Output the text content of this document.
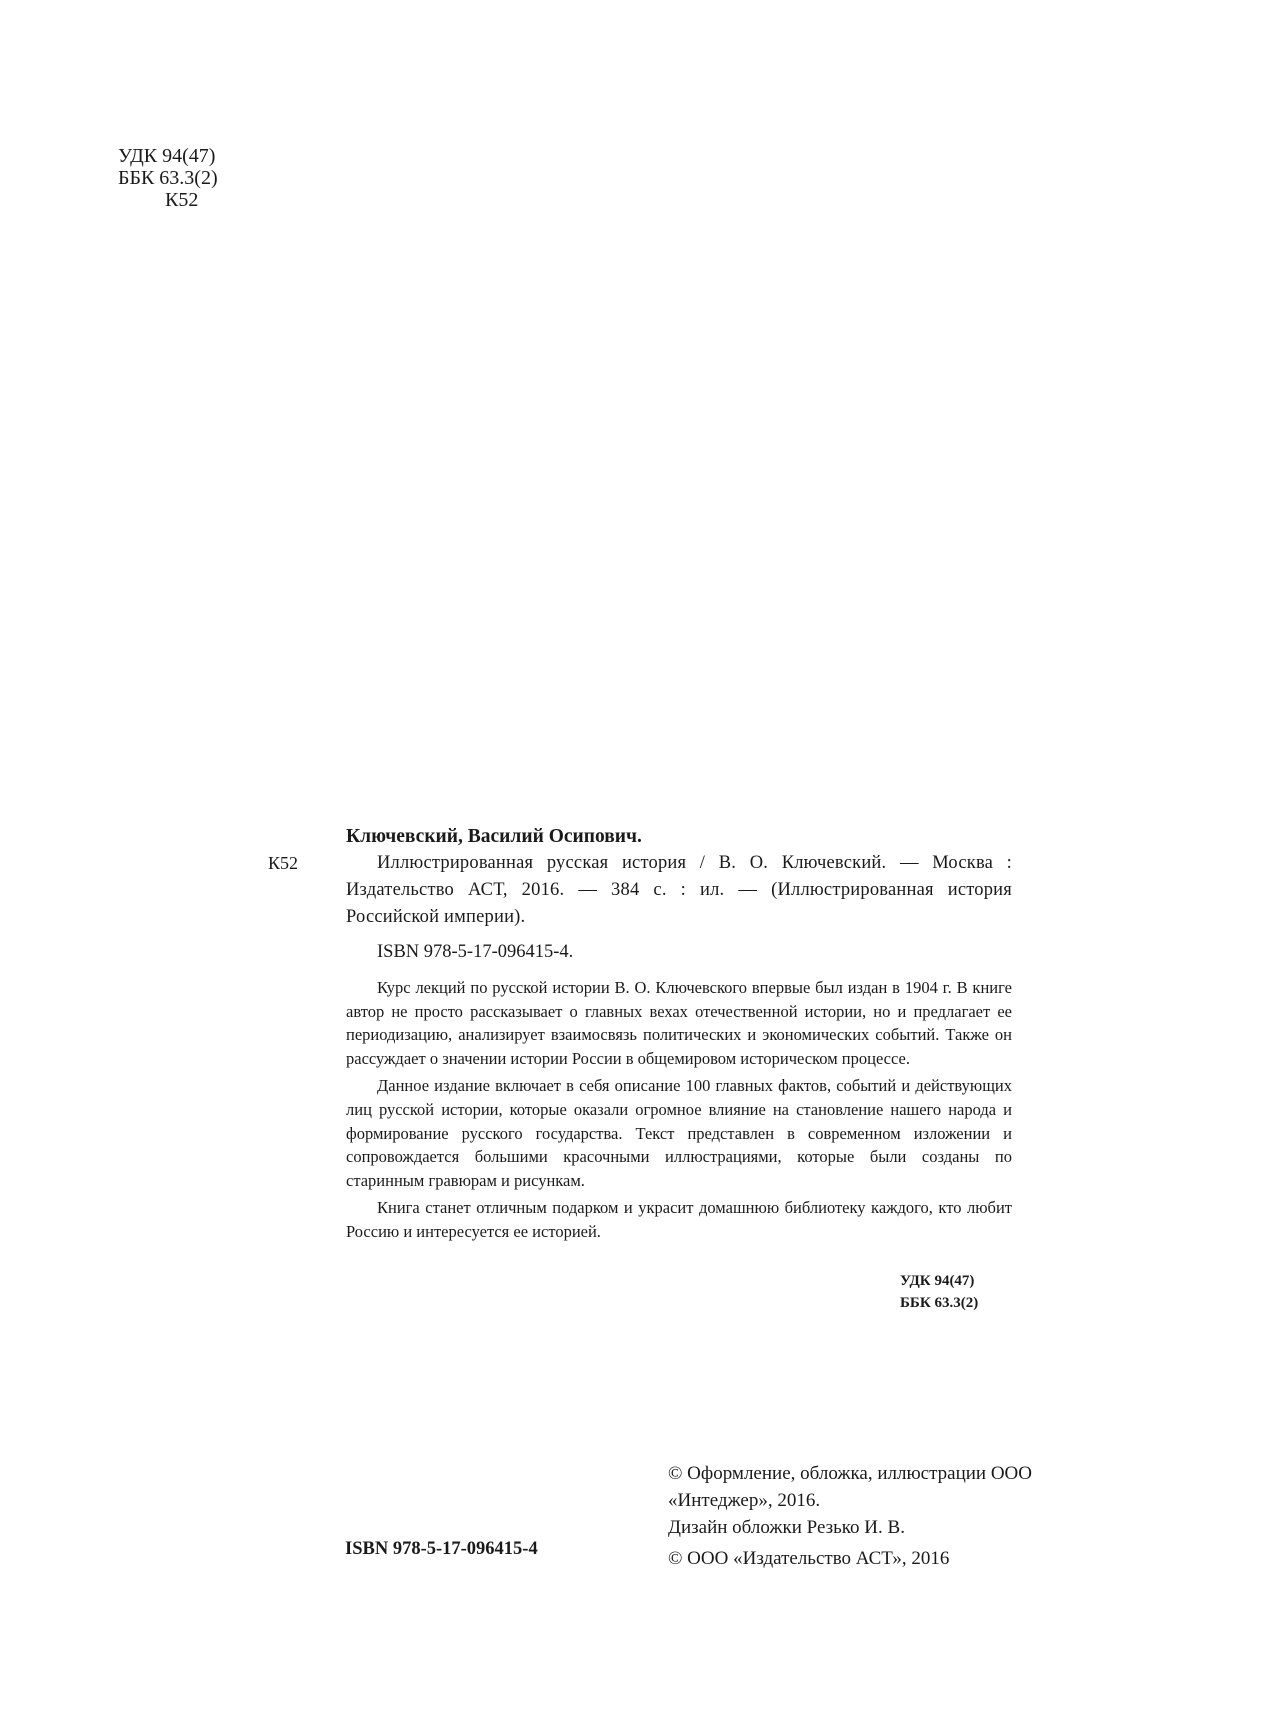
УДК 94(47)
ББК 63.3(2)
К52
К52
Ключевский, Василий Осипович.

Иллюстрированная русская история / В. О. Ключевский. — Москва : Издательство АСТ, 2016. — 384 с. : ил. — (Иллюстрированная история Российской империи).

ISBN 978-5-17-096415-4.

Курс лекций по русской истории В. О. Ключевского впервые был издан в 1904 г. В книге автор не просто рассказывает о главных вехах отечественной истории, но и предлагает ее периодизацию, анализирует взаимосвязь политических и экономических событий. Также он рассуждает о значении истории России в общемировом историческом процессе.

Данное издание включает в себя описание 100 главных фактов, событий и действующих лиц русской истории, которые оказали огромное влияние на становление нашего народа и формирование русского государства. Текст представлен в современном изложении и сопровождается большими красочными иллюстрациями, которые были созданы по старинным гравюрам и рисункам.

Книга станет отличным подарком и украсит домашнюю библиотеку каждого, кто любит Россию и интересуется ее историей.

УДК 94(47)
ББК 63.3(2)

© Оформление, обложка, иллюстрации ООО «Интеджер», 2016.

Дизайн обложки Резько И. В.

© ООО «Издательство АСТ», 2016

ISBN 978-5-17-096415-4
